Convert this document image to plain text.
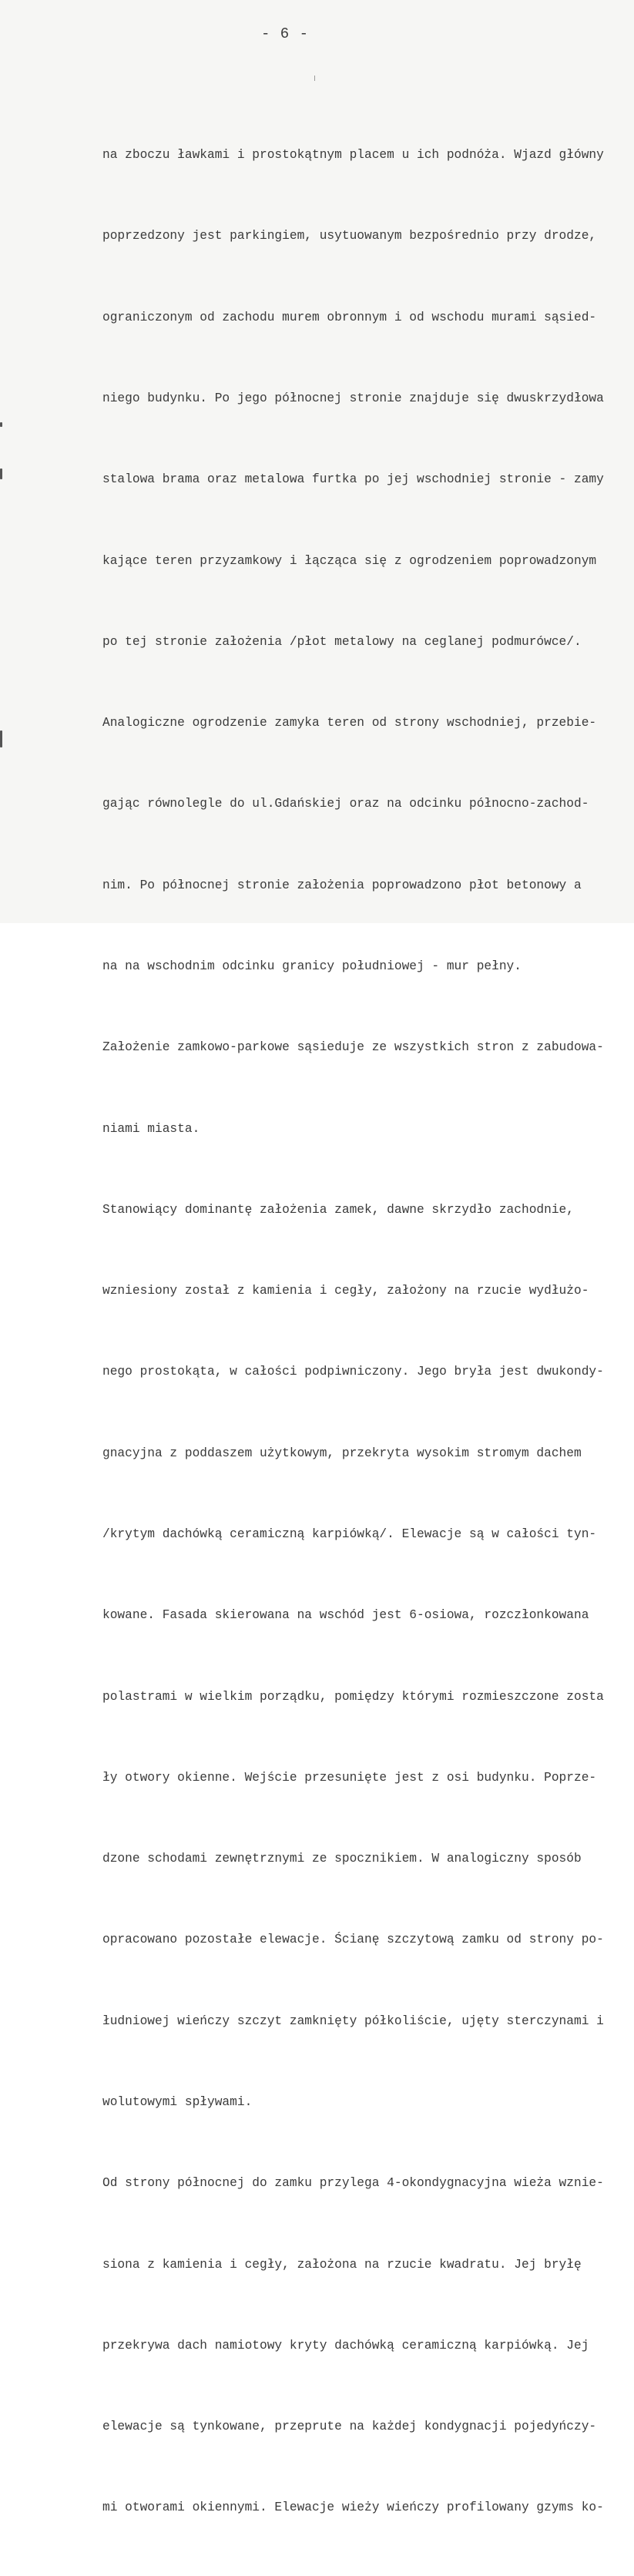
- 6 -

na zboczu ławkami i prostokątnym placem u ich podnóża. Wjazd główny

poprzedzony jest parkingiem, usytuowanym bezpośrednio przy drodze,

ograniczonym od zachodu murem obronnym i od wschodu murami sąsied-

niego budynku. Po jego północnej stronie znajduje się dwuskrzydłowa

stalowa brama oraz metalowa furtka po jej wschodniej stronie - zamy

kające teren przyzamkowy i łącząca się z ogrodzeniem poprowadzonym

po tej stronie założenia /płot metalowy na ceglanej podmurówce/.

Analogiczne ogrodzenie zamyka teren od strony wschodniej, przebie-

gając równolegle do ul.Gdańskiej oraz na odcinku północno-zachod-

nim. Po północnej stronie założenia poprowadzono płot betonowy a

na na wschodnim odcinku granicy południowej - mur pełny.

Założenie zamkowo-parkowe sąsieduje ze wszystkich stron z zabudowa-

niami miasta.

Stanowiący dominantę założenia zamek, dawne skrzydło zachodnie,

wzniesiony został z kamienia i cegły, założony na rzucie wydłużo-

nego prostokąta, w całości podpiwniczony. Jego bryła jest dwukondy-

gnacyjna z poddaszem użytkowym, przekryta wysokim stromym dachem

/krytym dachówką ceramiczną karpiówką/. Elewacje są w całości tyn-

kowane. Fasada skierowana na wschód jest 6-osiowa, rozczłonkowana

polastrami w wielkim porządku, pomiędzy którymi rozmieszczone zosta

ły otwory okienne. Wejście przesunięte jest z osi budynku. Poprze-

dzone schodami zewnętrznymi ze spocznikiem. W analogiczny sposób

opracowano pozostałe elewacje. Ścianę szczytową zamku od strony po-

łudniowej wieńczy szczyt zamknięty półkoliście, ujęty sterczynami i

wolutowymi spływami.

Od strony północnej do zamku przylega 4-okondygnacyjna wieża wznie-

siona z kamienia i cegły, założona na rzucie kwadratu. Jej bryłę

przekrywa dach namiotowy kryty dachówką ceramiczną karpiówką. Jej

elewacje są tynkowane, przeprute na każdej kondygnacji pojedyńczy-

mi otworami okiennymi. Elewacje wieży wieńczy profilowany gzyms ko-
